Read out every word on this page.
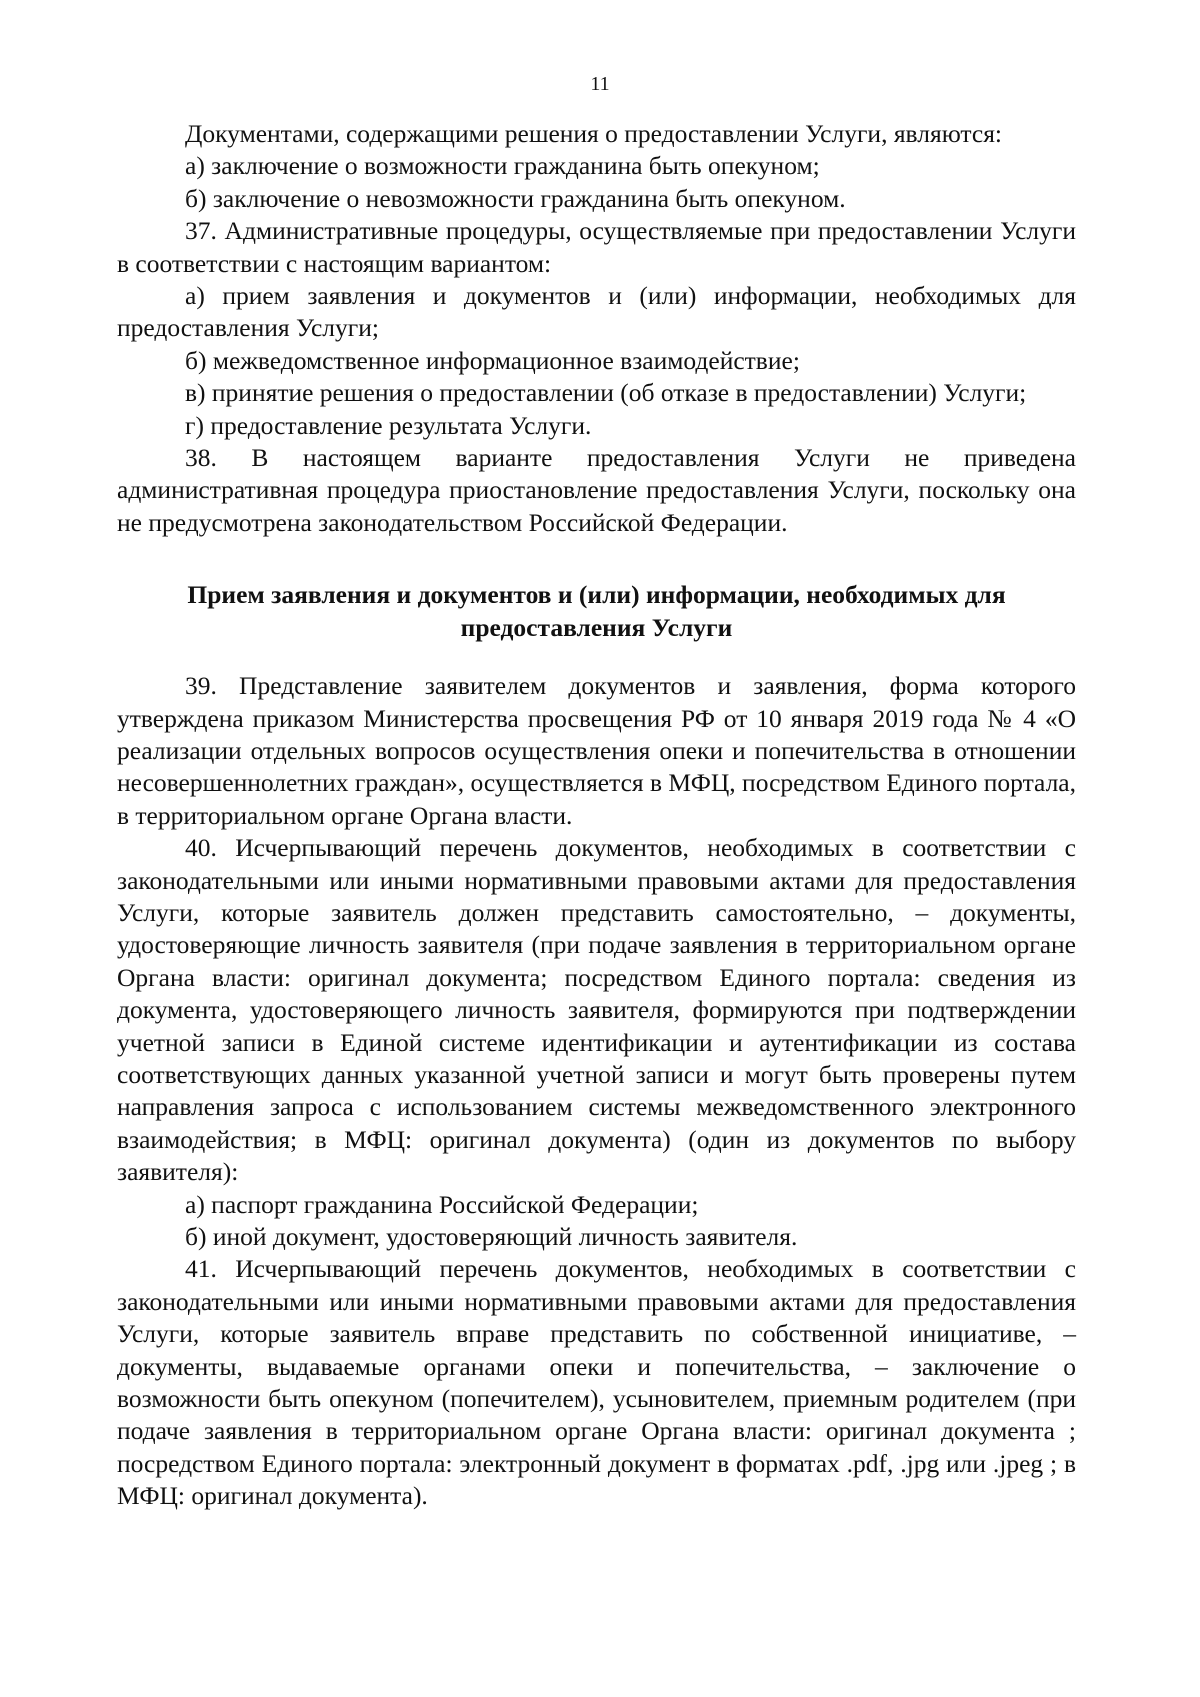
11

Документами, содержащими решения о предоставлении Услуги, являются:

а) заключение о возможности гражданина быть опекуном;

б) заключение о невозможности гражданина быть опекуном.

37. Административные процедуры, осуществляемые при предоставлении Услуги в соответствии с настоящим вариантом:

а) прием заявления и документов и (или) информации, необходимых для предоставления Услуги;

б) межведомственное информационное взаимодействие;

в) принятие решения о предоставлении (об отказе в предоставлении) Услуги;

г) предоставление результата Услуги.

38. В настоящем варианте предоставления Услуги не приведена административная процедура приостановление предоставления Услуги, поскольку она не предусмотрена законодательством Российской Федерации.

Прием заявления и документов и (или) информации, необходимых для предоставления Услуги

39. Представление заявителем документов и заявления, форма которого утверждена приказом Министерства просвещения РФ от 10 января 2019 года № 4 «О реализации отдельных вопросов осуществления опеки и попечительства в отношении несовершеннолетних граждан», осуществляется в МФЦ, посредством Единого портала, в территориальном органе Органа власти.

40. Исчерпывающий перечень документов, необходимых в соответствии с законодательными или иными нормативными правовыми актами для предоставления Услуги, которые заявитель должен представить самостоятельно, – документы, удостоверяющие личность заявителя (при подаче заявления в территориальном органе Органа власти: оригинал документа; посредством Единого портала: сведения из документа, удостоверяющего личность заявителя, формируются при подтверждении учетной записи в Единой системе идентификации и аутентификации из состава соответствующих данных указанной учетной записи и могут быть проверены путем направления запроса с использованием системы межведомственного электронного взаимодействия; в МФЦ: оригинал документа) (один из документов по выбору заявителя):

а) паспорт гражданина Российской Федерации;

б) иной документ, удостоверяющий личность заявителя.

41. Исчерпывающий перечень документов, необходимых в соответствии с законодательными или иными нормативными правовыми актами для предоставления Услуги, которые заявитель вправе представить по собственной инициативе, – документы, выдаваемые органами опеки и попечительства, – заключение о возможности быть опекуном (попечителем), усыновителем, приемным родителем (при подаче заявления в территориальном органе Органа власти: оригинал документа ; посредством Единого портала: электронный документ в форматах .pdf, .jpg или .jpeg ; в МФЦ: оригинал документа).
